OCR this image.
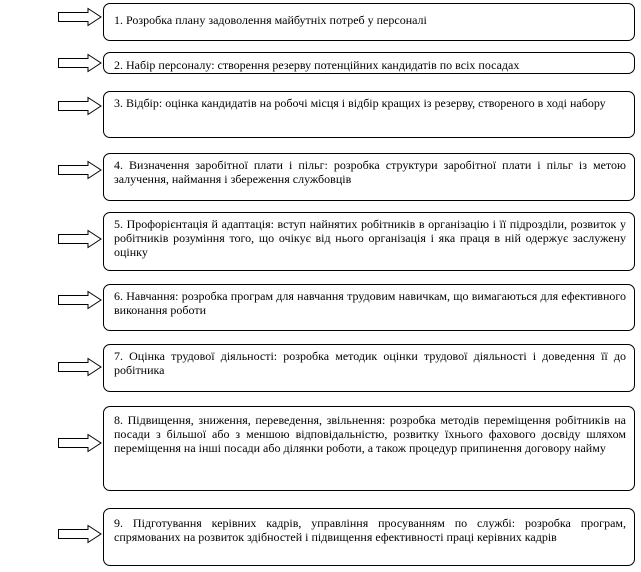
1. Розробка плану задоволення майбутніх потреб у персоналі
2. Набір персоналу: створення резерву потенційних кандидатів по всіх посадах
3. Відбір: оцінка кандидатів на робочі місця і відбір кращих із резерву, створеного в ході набору
4. Визначення заробітної плати і пільг: розробка структури заробітної плати і пільг із метою залучення, наймання і збереження службовців
5. Профорієнтація й адаптація: вступ найнятих робітників в організацію і її підрозділи, розвиток у робітників розуміння того, що очікує від нього організація і яка праця в ній одержує заслужену оцінку
6. Навчання: розробка програм для навчання трудовим навичкам, що вимагаються для ефективного виконання роботи
7. Оцінка трудової діяльності: розробка методик оцінки трудової діяльності і доведення її до робітника
8. Підвищення, зниження, переведення, звільнення: розробка методів переміщення робітників на посади з більшої або з меншою відповідальністю, розвитку їхнього фахового досвіду шляхом переміщення на інші посади або ділянки роботи, а також процедур припинення договору найму
9. Підготування керівних кадрів, управління просуванням по службі: розробка програм, спрямованих на розвиток здібностей і підвищення ефективності праці керівних кадрів
